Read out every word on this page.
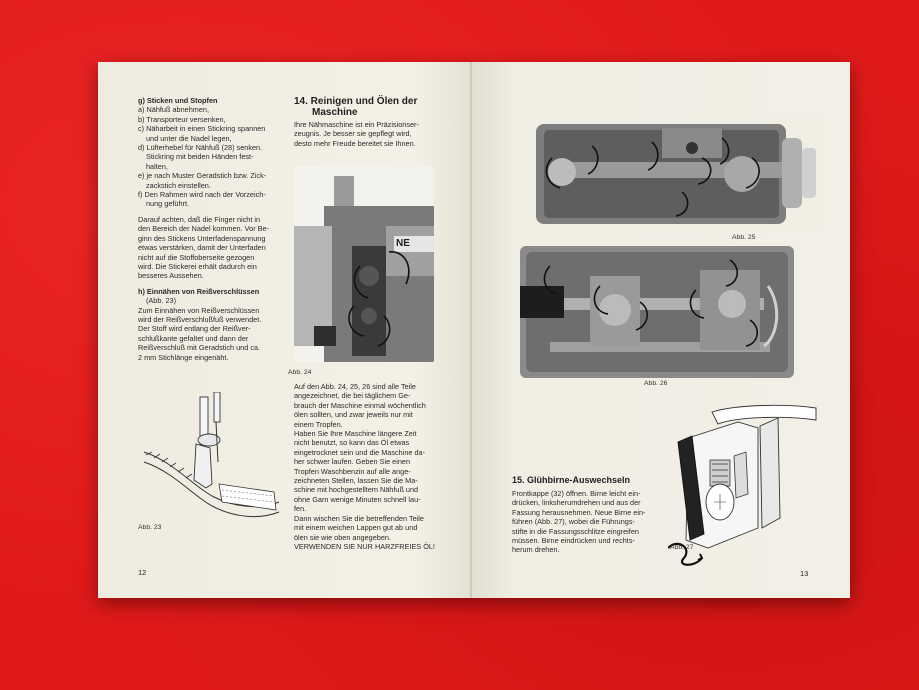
g) Sticken und Stopfen

a) Nähfuß abnehmen,

b) Transporteur versenken,

c) Näharbeit in einen Stickring spannen

und unter die Nadel legen,

d) Lüfterhebel für Nähfuß (28) senken.

Stickring mit beiden Händen fest-

halten,

e) je nach Muster Geradstich bzw. Zick-

zackstich einstellen.

f) Den Rahmen wird nach der Vorzeich-

nung geführt.

Darauf achten, daß die Finger nicht in

den Bereich der Nadel kommen. Vor Be-

ginn des Stickens Unterfadenspannung

etwas verstärken, damit der Unterfaden

nicht auf die Stoffoberseite gezogen

wird. Die Stickerei erhält dadurch ein

besseres Aussehen.

h) Einnähen von Reißverschlüssen

(Abb. 23)

Zum Einnähen von Reißverschlüssen

wird der Reißverschlußfuß verwendet.

Der Stoff wird entlang der Reißver-

schlußkante gefaltet und dann der

Reißverschluß mit Geradstich und ca.

2 mm Stichlänge eingenäht.

Abb. 23
14. Reinigen und Ölen der
Maschine

Ihre Nähmaschine ist ein Präzisionser-

zeugnis. Je besser sie gepflegt wird,

desto mehr Freude bereitet sie Ihnen.

NE
Abb. 24

Auf den Abb. 24, 25, 26 sind alle Teile

angezeichnet, die bei täglichem Ge-

brauch der Maschine einmal wöchentlich

ölen sollten, und zwar jeweils nur mit

einem Tropfen.

Haben Sie Ihre Maschine längere Zeit

nicht benutzt, so kann das Öl etwas

eingetrocknet sein und die Maschine da-

her schwer laufen. Geben Sie einen

Tropfen Waschbenzin auf alle ange-

zeichneten Stellen, lassen Sie die Ma-

schine mit hochgestelltem Nähfuß und

ohne Garn wenige Minuten schnell lau-

fen.

Dann wischen Sie die betreffenden Teile

mit einem weichen Lappen gut ab und

ölen sie wie oben angegeben.

VERWENDEN SIE NUR HARZFREIES ÖL!

12
Abb. 25
Abb. 26
Abb. 27
15. Glühbirne-Auswechseln

Frontkappe (32) öffnen. Birne leicht ein-

drücken, linksherumdrehen und aus der

Fassung herausnehmen. Neue Birne ein-

führen (Abb. 27), wobei die Führungs-

stifte in die Fassungsschlitze eingreifen

müssen. Birne eindrücken und rechts-

herum drehen.

13
